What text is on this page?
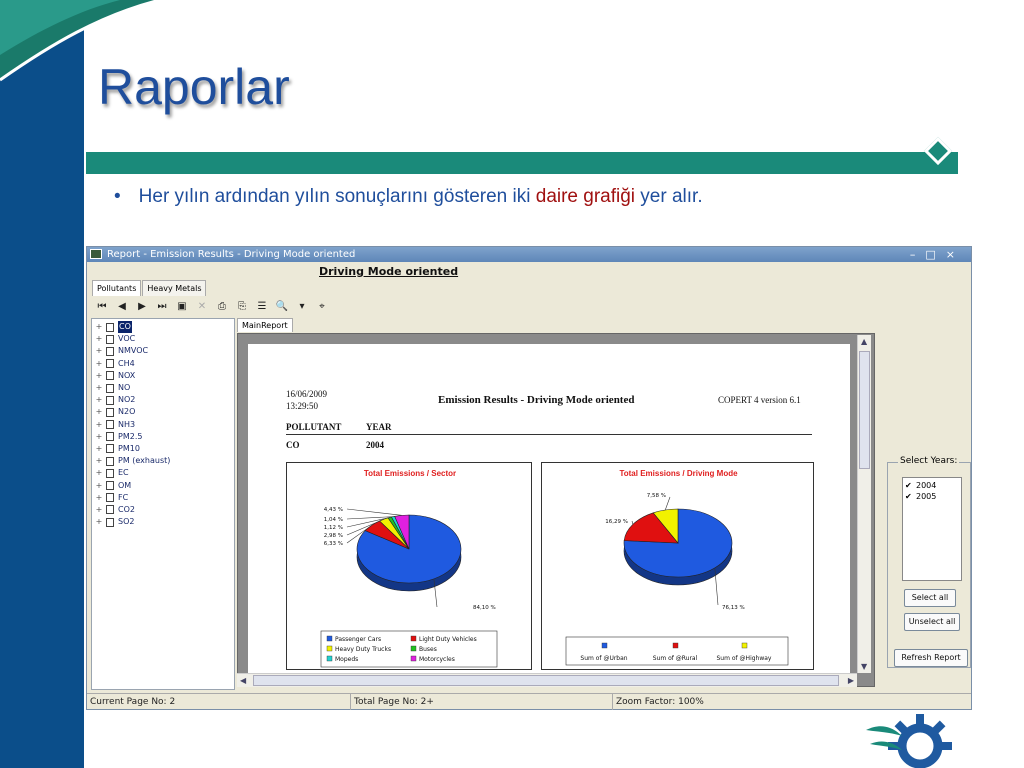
Raporlar
• Her yılın ardından yılın sonuçlarını gösteren iki daire grafiği yer alır.
Report - Emission Results - Driving Mode oriented	–□×
Driving Mode oriented
Pollutants	Heavy Metals
⏮	◀	▶	⏭ ▣ ✕	⎙	⎘	☰ 🔍	▾	⌖
+	CO
+	VOC
+	NMVOC
+	CH4
+	NOX
+	NO
+	NO2
+	N2O
+	NH3
+	PM2.5
+	PM10
+	PM (exhaust)
+	EC
+	OM
+	FC
+	CO2
+	SO2
MainReport
16/06/2009
13:29:50	Emission Results - Driving Mode oriented	COPERT 4 version 6.1
POLLUTANT	YEAR
CO	2004
Total Emissions / Sector
84,10 %
6,33 %
2,98 %
1,12 %
1,04 %
4,43 %
Passenger Cars	Light Duty Vehicles
Heavy Duty Trucks	Buses
Mopeds	Motorcycles
Total Emissions / Driving Mode
76,13 %
16,29 %
7,58 %
Sum of @Urban	Sum of @Rural	Sum of @Highway
▲
▼
◀	▶
Current Page No: 2	Total Page No: 2+	Zoom Factor: 100%
Select Years:
✔ 2004
✔ 2005
Select all
Unselect all
Refresh Report
